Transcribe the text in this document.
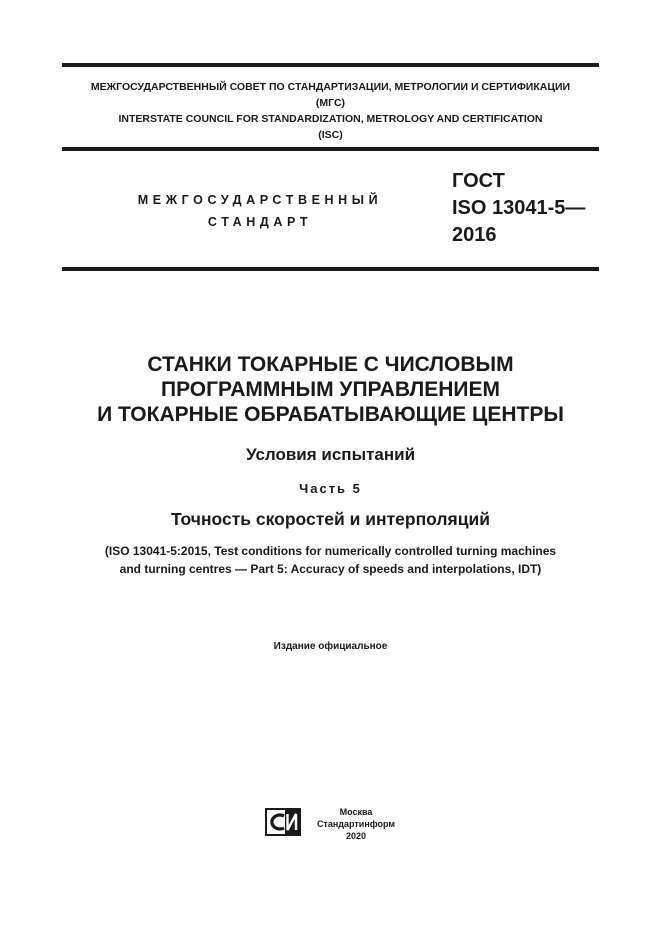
МЕЖГОСУДАРСТВЕННЫЙ СОВЕТ ПО СТАНДАРТИЗАЦИИ, МЕТРОЛОГИИ И СЕРТИФИКАЦИИ
(МГС)
INTERSTATE COUNCIL FOR STANDARDIZATION, METROLOGY AND CERTIFICATION
(ISC)
МЕЖГОСУДАРСТВЕННЫЙ
СТАНДАРТ
ГОСТ
ISO 13041-5—
2016
СТАНКИ ТОКАРНЫЕ С ЧИСЛОВЫМ
ПРОГРАММНЫМ УПРАВЛЕНИЕМ
И ТОКАРНЫЕ ОБРАБАТЫВАЮЩИЕ ЦЕНТРЫ
Условия испытаний
Часть 5
Точность скоростей и интерполяций
(ISO 13041-5:2015, Test conditions for numerically controlled turning machines
and turning centres — Part 5: Accuracy of speeds and interpolations, IDT)
Издание официальное
Москва
Стандартинформ
2020
